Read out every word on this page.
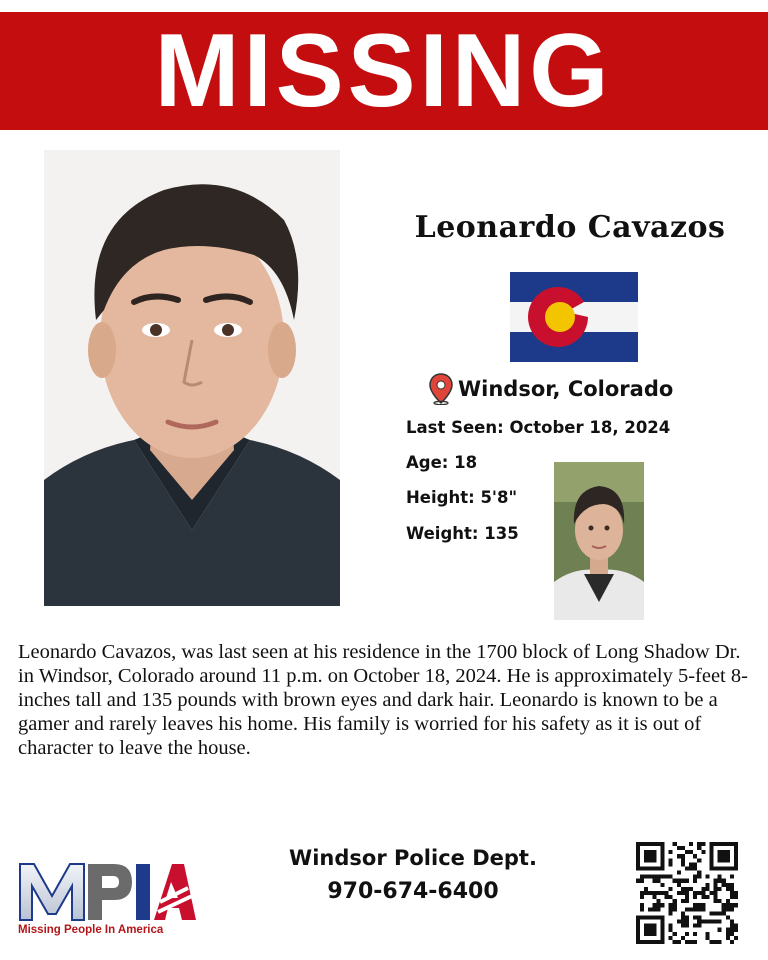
MISSING
Leonardo Cavazos
Windsor, Colorado
Last Seen: October 18, 2024
Age: 18
Height: 5'8"
Weight: 135

Leonardo Cavazos, was last seen at his residence in the 1700 block of Long Shadow Dr. in Windsor, Colorado around 11 p.m. on October 18, 2024. He is approximately 5-feet 8-inches tall and 135 pounds with brown eyes and dark hair. Leonardo is known to be a gamer and rarely leaves his home. His family is worried for his safety as it is out of character to leave the house.

Missing People In America
Windsor Police Dept.
970-674-6400
